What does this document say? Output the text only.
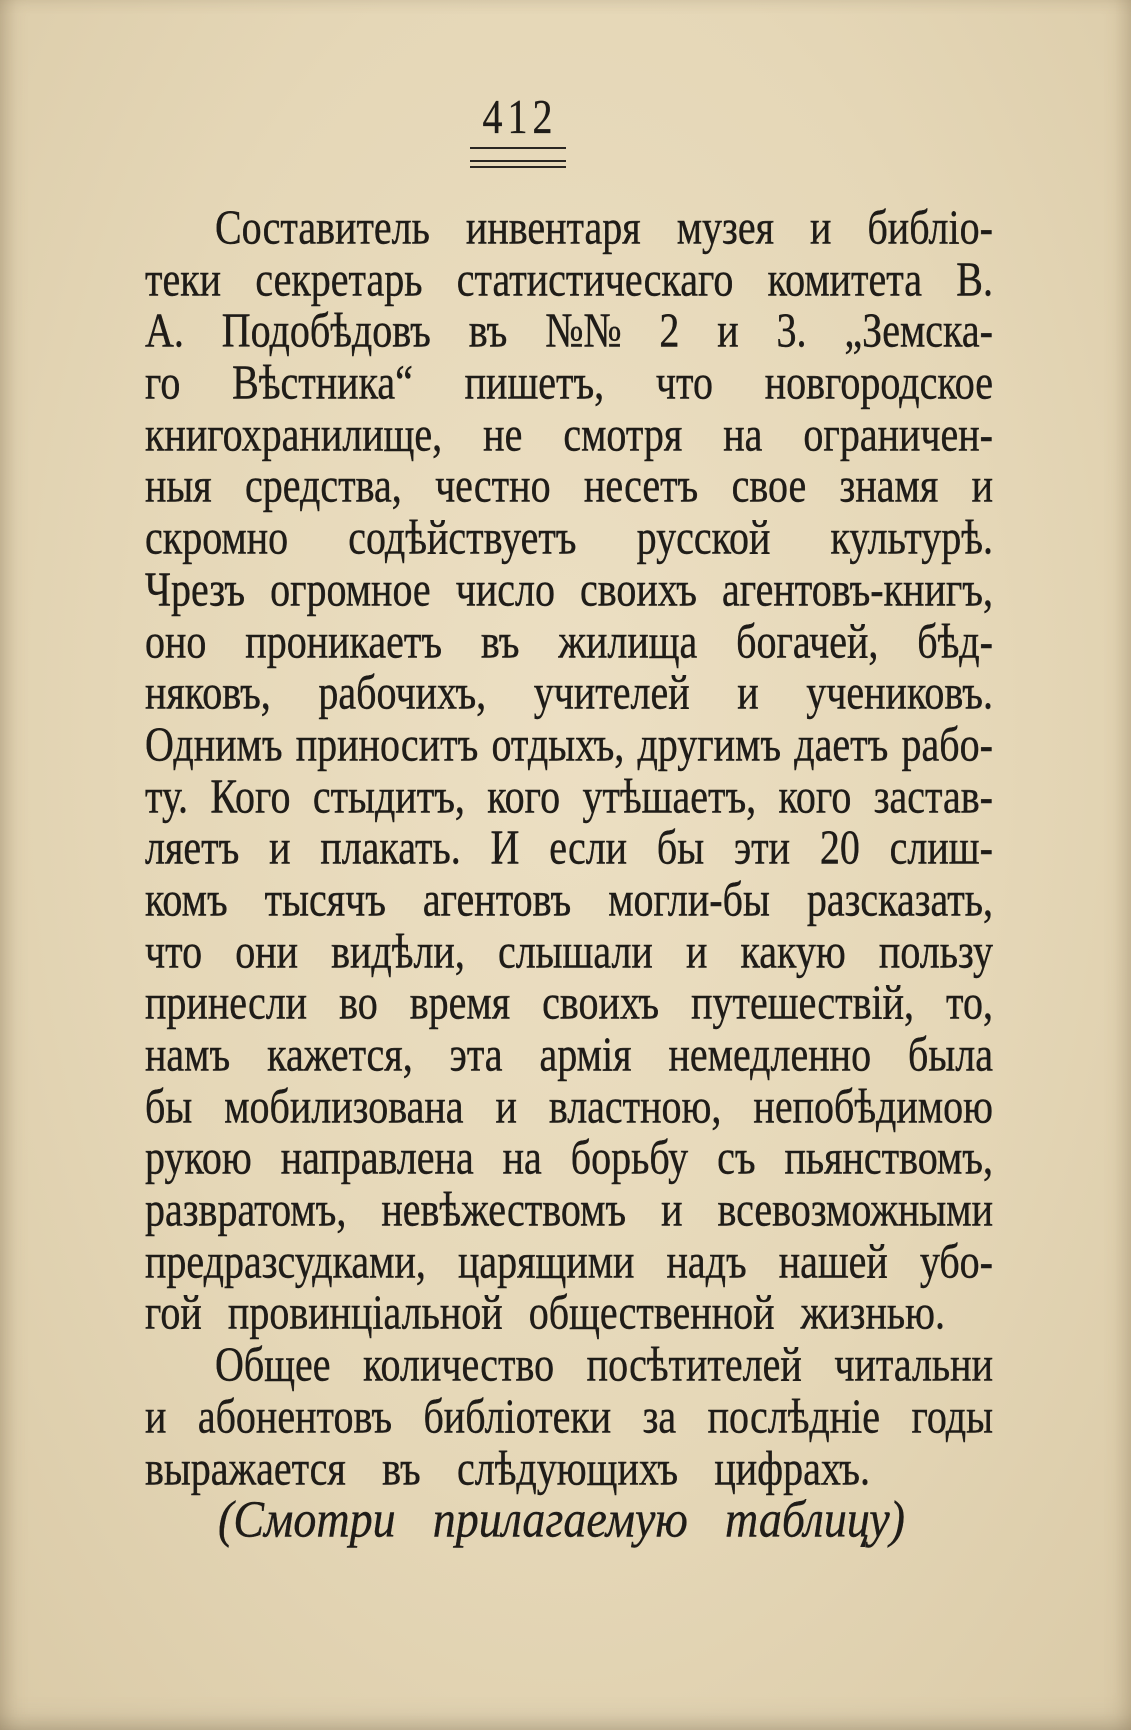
412
Составитель инвентаря музея и библіо-
теки секретарь статистическаго комитета В.
А. Подобѣдовъ въ №№ 2 и 3. „Земска-
го Вѣстника“ пишетъ, что новгородское
книгохранилище, не смотря на ограничен-
ныя средства, честно несетъ свое знамя и
скромно содѣйствуетъ русской культурѣ.
Чрезъ огромное число своихъ агентовъ-книгъ,
оно проникаетъ въ жилища богачей, бѣд-
няковъ, рабочихъ, учителей и учениковъ.
Однимъ приноситъ отдыхъ, другимъ даетъ рабо-
ту. Кого стыдитъ, кого утѣшаетъ, кого застав-
ляетъ и плакать. И если бы эти 20 слиш-
комъ тысячъ агентовъ могли-бы разсказать,
что они видѣли, слышали и какую пользу
принесли во время своихъ путешествій, то,
намъ кажется, эта армія немедленно была
бы мобилизована и властною, непобѣдимою
рукою направлена на борьбу съ пьянствомъ,
развратомъ, невѣжествомъ и всевозможными
предразсудками, царящими надъ нашей убо-
гой провинціальной общественной жизнью.
Общее количество посѣтителей читальни
и абонентовъ библіотеки за послѣдніе годы
выражается въ слѣдующихъ цифрахъ.
(Смотри прилагаемую таблицу)
